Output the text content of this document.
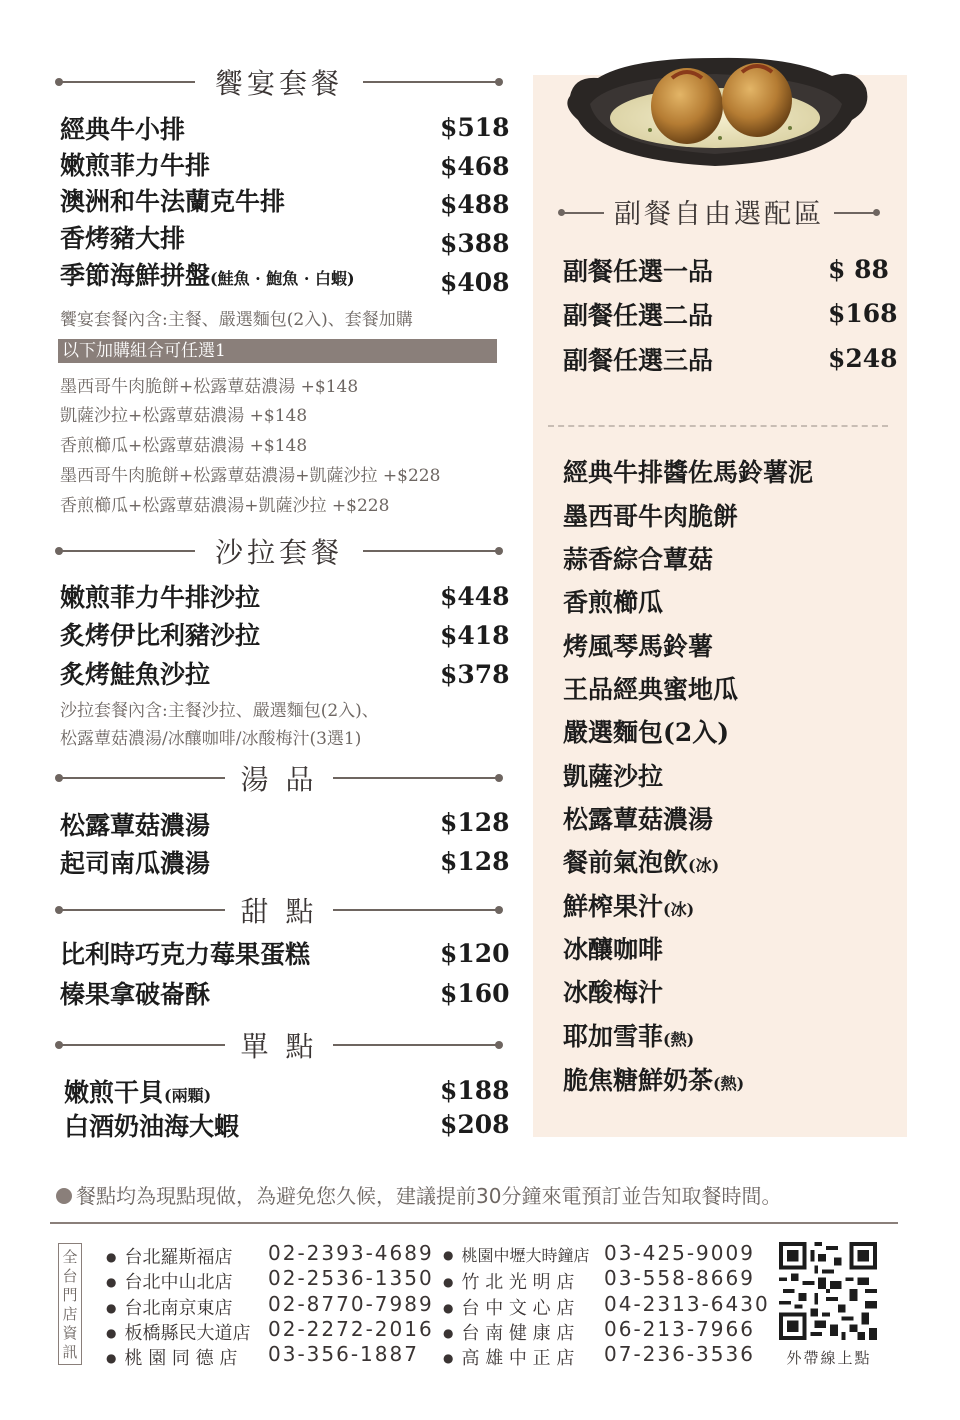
饗宴套餐
經典牛小排	$518
嫩煎菲力牛排	$468
澳洲和牛法蘭克牛排	$488
香烤豬大排	$388
季節海鮮拼盤(鮭魚 · 鮑魚 · 白蝦)	$408
饗宴套餐內含:主餐、嚴選麵包(2入)、套餐加購
以下加購組合可任選1
墨西哥牛肉脆餅+松露蕈菇濃湯 +$148
凱薩沙拉+松露蕈菇濃湯 +$148
香煎櫛瓜+松露蕈菇濃湯 +$148
墨西哥牛肉脆餅+松露蕈菇濃湯+凱薩沙拉 +$228
香煎櫛瓜+松露蕈菇濃湯+凱薩沙拉 +$228
沙拉套餐
嫩煎菲力牛排沙拉	$448
炙烤伊比利豬沙拉	$418
炙烤鮭魚沙拉	$378
沙拉套餐內含:主餐沙拉、嚴選麵包(2入)、
松露蕈菇濃湯/冰釀咖啡/冰酸梅汁(3選1)
湯 品
松露蕈菇濃湯	$128
起司南瓜濃湯	$128
甜 點
比利時巧克力莓果蛋糕	$120
榛果拿破崙酥	$160
單 點
嫩煎干貝(兩顆)	$188
白酒奶油海大蝦	$208
副餐自由選配區
副餐任選一品	$ 88
副餐任選二品	$168
副餐任選三品	$248
經典牛排醬佐馬鈴薯泥
墨西哥牛肉脆餅
蒜香綜合蕈菇
香煎櫛瓜
烤風琴馬鈴薯
王品經典蜜地瓜
嚴選麵包(2入)
凱薩沙拉
松露蕈菇濃湯
餐前氣泡飲(冰)
鮮榨果汁(冰)
冰釀咖啡
冰酸梅汁
耶加雪菲(熱)
脆焦糖鮮奶茶(熱)
餐點均為現點現做，為避免您久候，建議提前30分鐘來電預訂並告知取餐時間。
全
台
門
店
資
訊
● 台北羅斯福店 02-2393-4689
● 台北中山北店 02-2536-1350
● 台北南京東店 02-8770-7989
● 板橋縣民大道店 02-2272-2016
● 桃 園 同 德 店 03-356-1887
● 桃園中壢大時鐘店 03-425-9009
● 竹 北 光 明 店 03-558-8669
● 台 中 文 心 店 04-2313-6430
● 台 南 健 康 店 06-213-7966
● 高 雄 中 正 店 07-236-3536	外帶線上點
